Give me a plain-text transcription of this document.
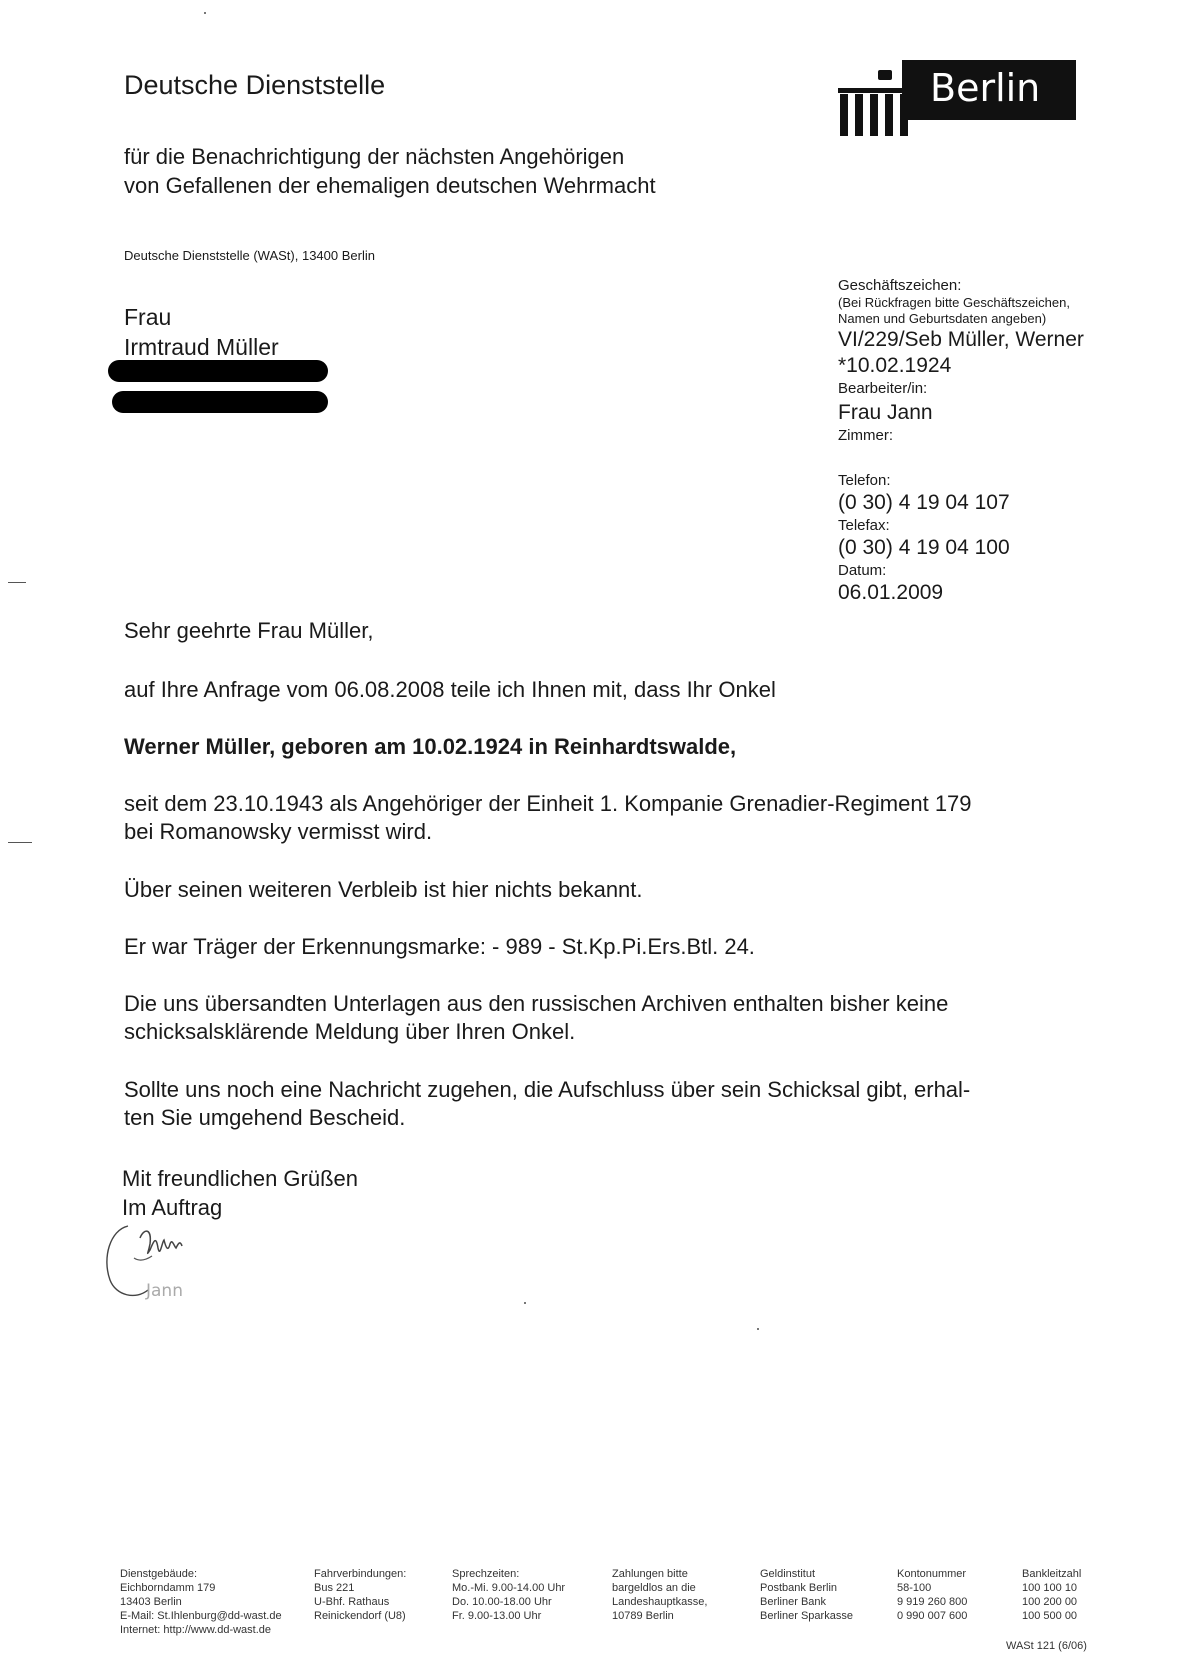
Deutsche Dienststelle
für die Benachrichtigung der nächsten Angehörigen
von Gefallenen der ehemaligen deutschen Wehrmacht
Deutsche Dienststelle (WASt), 13400 Berlin
Berlin
Frau
Irmtraud Müller
Geschäftszeichen:
(Bei Rückfragen bitte Geschäftszeichen,
Namen und Geburtsdaten angeben)
VI/229/Seb Müller, Werner
*10.02.1924
Bearbeiter/in:
Frau Jann
Zimmer:
Telefon:
(0 30) 4 19 04 107
Telefax:
(0 30) 4 19 04 100
Datum:
06.01.2009
Sehr geehrte Frau Müller,
auf Ihre Anfrage vom 06.08.2008 teile ich Ihnen mit, dass Ihr Onkel
Werner Müller, geboren am 10.02.1924 in Reinhardtswalde,
seit dem 23.10.1943 als Angehöriger der Einheit 1. Kompanie Grenadier-Regiment 179
bei Romanowsky vermisst wird.
Über seinen weiteren Verbleib ist hier nichts bekannt.
Er war Träger der Erkennungsmarke: - 989 - St.Kp.Pi.Ers.Btl. 24.
Die uns übersandten Unterlagen aus den russischen Archiven enthalten bisher keine
schicksalsklärende Meldung über Ihren Onkel.
Sollte uns noch eine Nachricht zugehen, die Aufschluss über sein Schicksal gibt, erhal-
ten Sie umgehend Bescheid.
Mit freundlichen Grüßen
Im Auftrag
Jann
Dienstgebäude:
Eichborndamm 179
13403 Berlin
E-Mail: St.Ihlenburg@dd-wast.de
Internet: http://www.dd-wast.de
Fahrverbindungen:
Bus 221
U-Bhf. Rathaus
Reinickendorf (U8)
Sprechzeiten:
Mo.-Mi. 9.00-14.00 Uhr
Do. 10.00-18.00 Uhr
Fr. 9.00-13.00 Uhr
Zahlungen bitte
bargeldlos an die
Landeshauptkasse,
10789 Berlin
Geldinstitut
Postbank Berlin
Berliner Bank
Berliner Sparkasse
Kontonummer
58-100
9 919 260 800
0 990 007 600
Bankleitzahl
100 100 10
100 200 00
100 500 00
WASt 121 (6/06)
